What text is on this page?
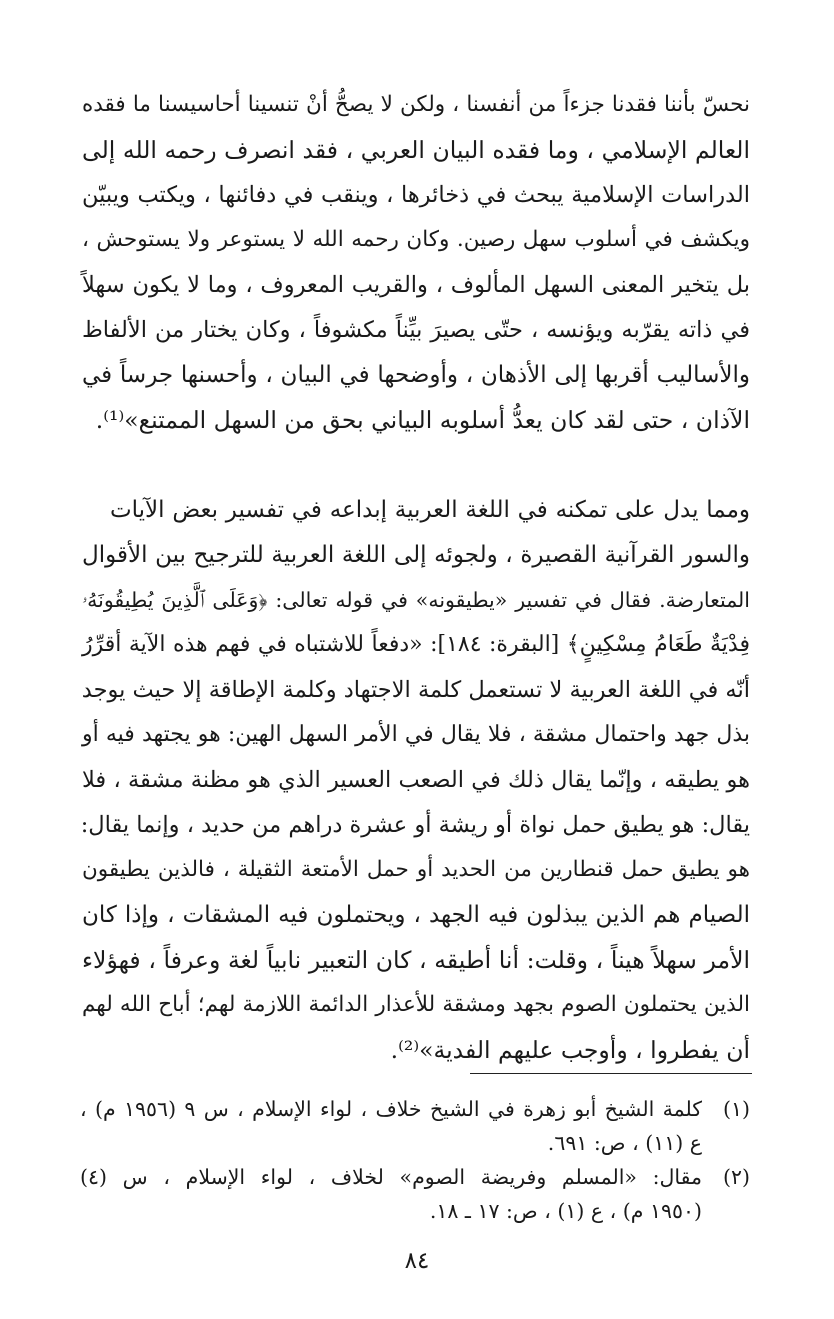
نحسّ بأننا فقدنا جزءاً من أنفسنا ، ولكن لا يصحُّ أنْ تنسينا أحاسيسنا ما فقده
العالم الإسلامي ، وما فقده البيان العربي ، فقد انصرف رحمه الله إلى
الدراسات الإسلامية يبحث في ذخائرها ، وينقب في دفائنها ، ويكتب ويبيّن
ويكشف في أسلوب سهل رصين. وكان رحمه الله لا يستوعر ولا يستوحش ،
بل يتخير المعنى السهل المألوف ، والقريب المعروف ، وما لا يكون سهلاً
في ذاته يقرّبه ويؤنسه ، حتّى يصيرَ بيِّناً مكشوفاً ، وكان يختار من الألفاظ
والأساليب أقربها إلى الأذهان ، وأوضحها في البيان ، وأحسنها جرساً في
الآذان ، حتى لقد كان يعدُّ أسلوبه البياني بحق من السهل الممتنع»⁽¹⁾.
ومما يدل على تمكنه في اللغة العربية إبداعه في تفسير بعض الآيات
والسور القرآنية القصيرة ، ولجوئه إلى اللغة العربية للترجيح بين الأقوال
المتعارضة. فقال في تفسير «يطيقونه» في قوله تعالى: ﴿وَعَلَى ٱلَّذِينَ يُطِيقُونَهُۥ
فِدْيَةٌ طَعَامُ مِسْكِينٍ﴾ [البقرة: ١٨٤]: «دفعاً للاشتباه في فهم هذه الآية أقرِّرُ
أنّه في اللغة العربية لا تستعمل كلمة الاجتهاد وكلمة الإطاقة إلا حيث يوجد
بذل جهد واحتمال مشقة ، فلا يقال في الأمر السهل الهين: هو يجتهد فيه أو
هو يطيقه ، وإنّما يقال ذلك في الصعب العسير الذي هو مظنة مشقة ، فلا
يقال: هو يطيق حمل نواة أو ريشة أو عشرة دراهم من حديد ، وإنما يقال:
هو يطيق حمل قنطارين من الحديد أو حمل الأمتعة الثقيلة ، فالذين يطيقون
الصيام هم الذين يبذلون فيه الجهد ، ويحتملون فيه المشقات ، وإذا كان
الأمر سهلاً هيناً ، وقلت: أنا أطيقه ، كان التعبير نابياً لغة وعرفاً ، فهؤلاء
الذين يحتملون الصوم بجهد ومشقة للأعذار الدائمة اللازمة لهم؛ أباح الله لهم
أن يفطروا ، وأوجب عليهم الفدية»⁽²⁾.
(١)
كلمة الشيخ أبو زهرة في الشيخ خلاف ، لواء الإسلام ، س ٩ (١٩٥٦ م) ،
ع (١١) ، ص: ٦٩١.
(٢)
مقال: «المسلم وفريضة الصوم» لخلاف ، لواء الإسلام ، س (٤)
(١٩٥٠ م) ، ع (١) ، ص: ١٧ ـ ١٨.
٨٤
